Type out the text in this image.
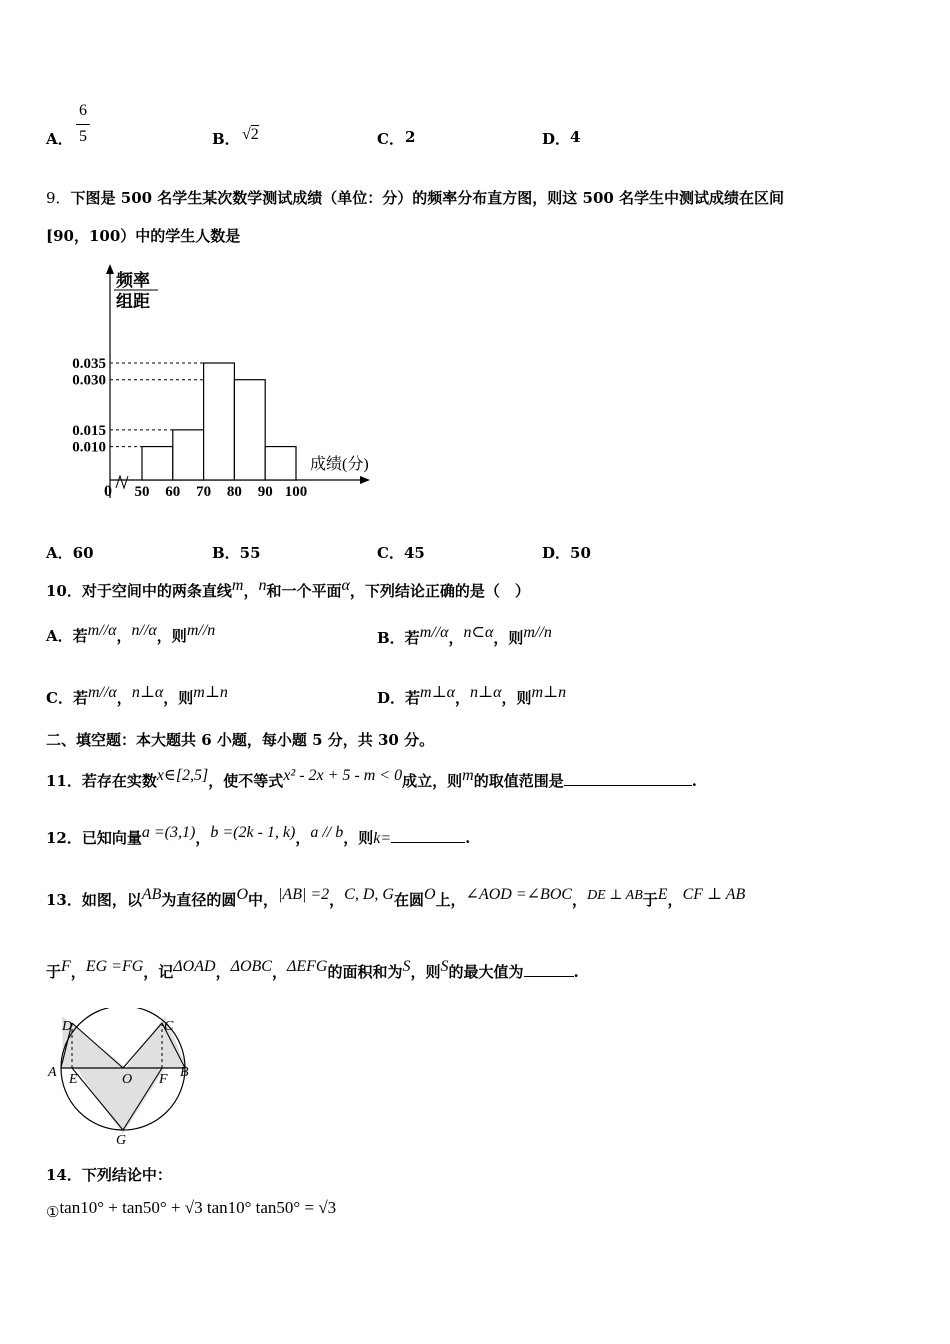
A．
6
5	B． √2	C． 2	D． 4
9．下图是 500 名学生某次数学测试成绩（单位：分）的频率分布直方图，则这 500 名学生中测试成绩在区间
[90，100）中的学生人数是
频率
组距
成绩(分)
0
0.035
0.030
0.015
0.010
50 60 70 80 90 100
A．60	B．55	C．45	D．50
10．对于空间中的两条直线$^m$，$^n$和一个平面$^\alpha$，下列结论正确的是（　）
A．若$^{m//\alpha}$，$^{n//\alpha}$，则$^{m//n}$	B．若$^{m//\alpha}$，$^{n\subset\alpha}$，则$^{m//n}$
C．若$^{m//\alpha}$，$^{n\perp\alpha}$，则$^{m\perp n}$	D．若$^{m\perp\alpha}$，$^{n\perp\alpha}$，则$^{m\perp n}$
二、填空题：本大题共 6 小题，每小题 5 分，共 30 分。
11．若存在实数$^{x\in[2,5]}$，使不等式$^{x^2 - 2x + 5 - m < 0}$成立，则$^m$的取值范围是	.
12．已知向量$^{a =(3,1)}$，$^{b =(2k - 1, k)}$，$^{a // b}$，则k=	.
13．如图，以$^{AB}$为直径的圆$^O$中，$^{|AB| =2}$，$^{C, D, G}$在圆$^O$上，$^{\angle AOD =\angle BOC}$，$^{DE \perp AB}$于$^E$，$^{CF \perp AB}$
于$^F$，$^{EG =FG}$，记$^{\Delta OAD}$，$^{\Delta OBC}$，$^{\Delta EFG}$的面积和为$^S$，则$^S$的最大值为	.
D	C
A E	O F B
G
14．下列结论中：
①tan10° + tan50° + √3 tan10° tan50° = √3
